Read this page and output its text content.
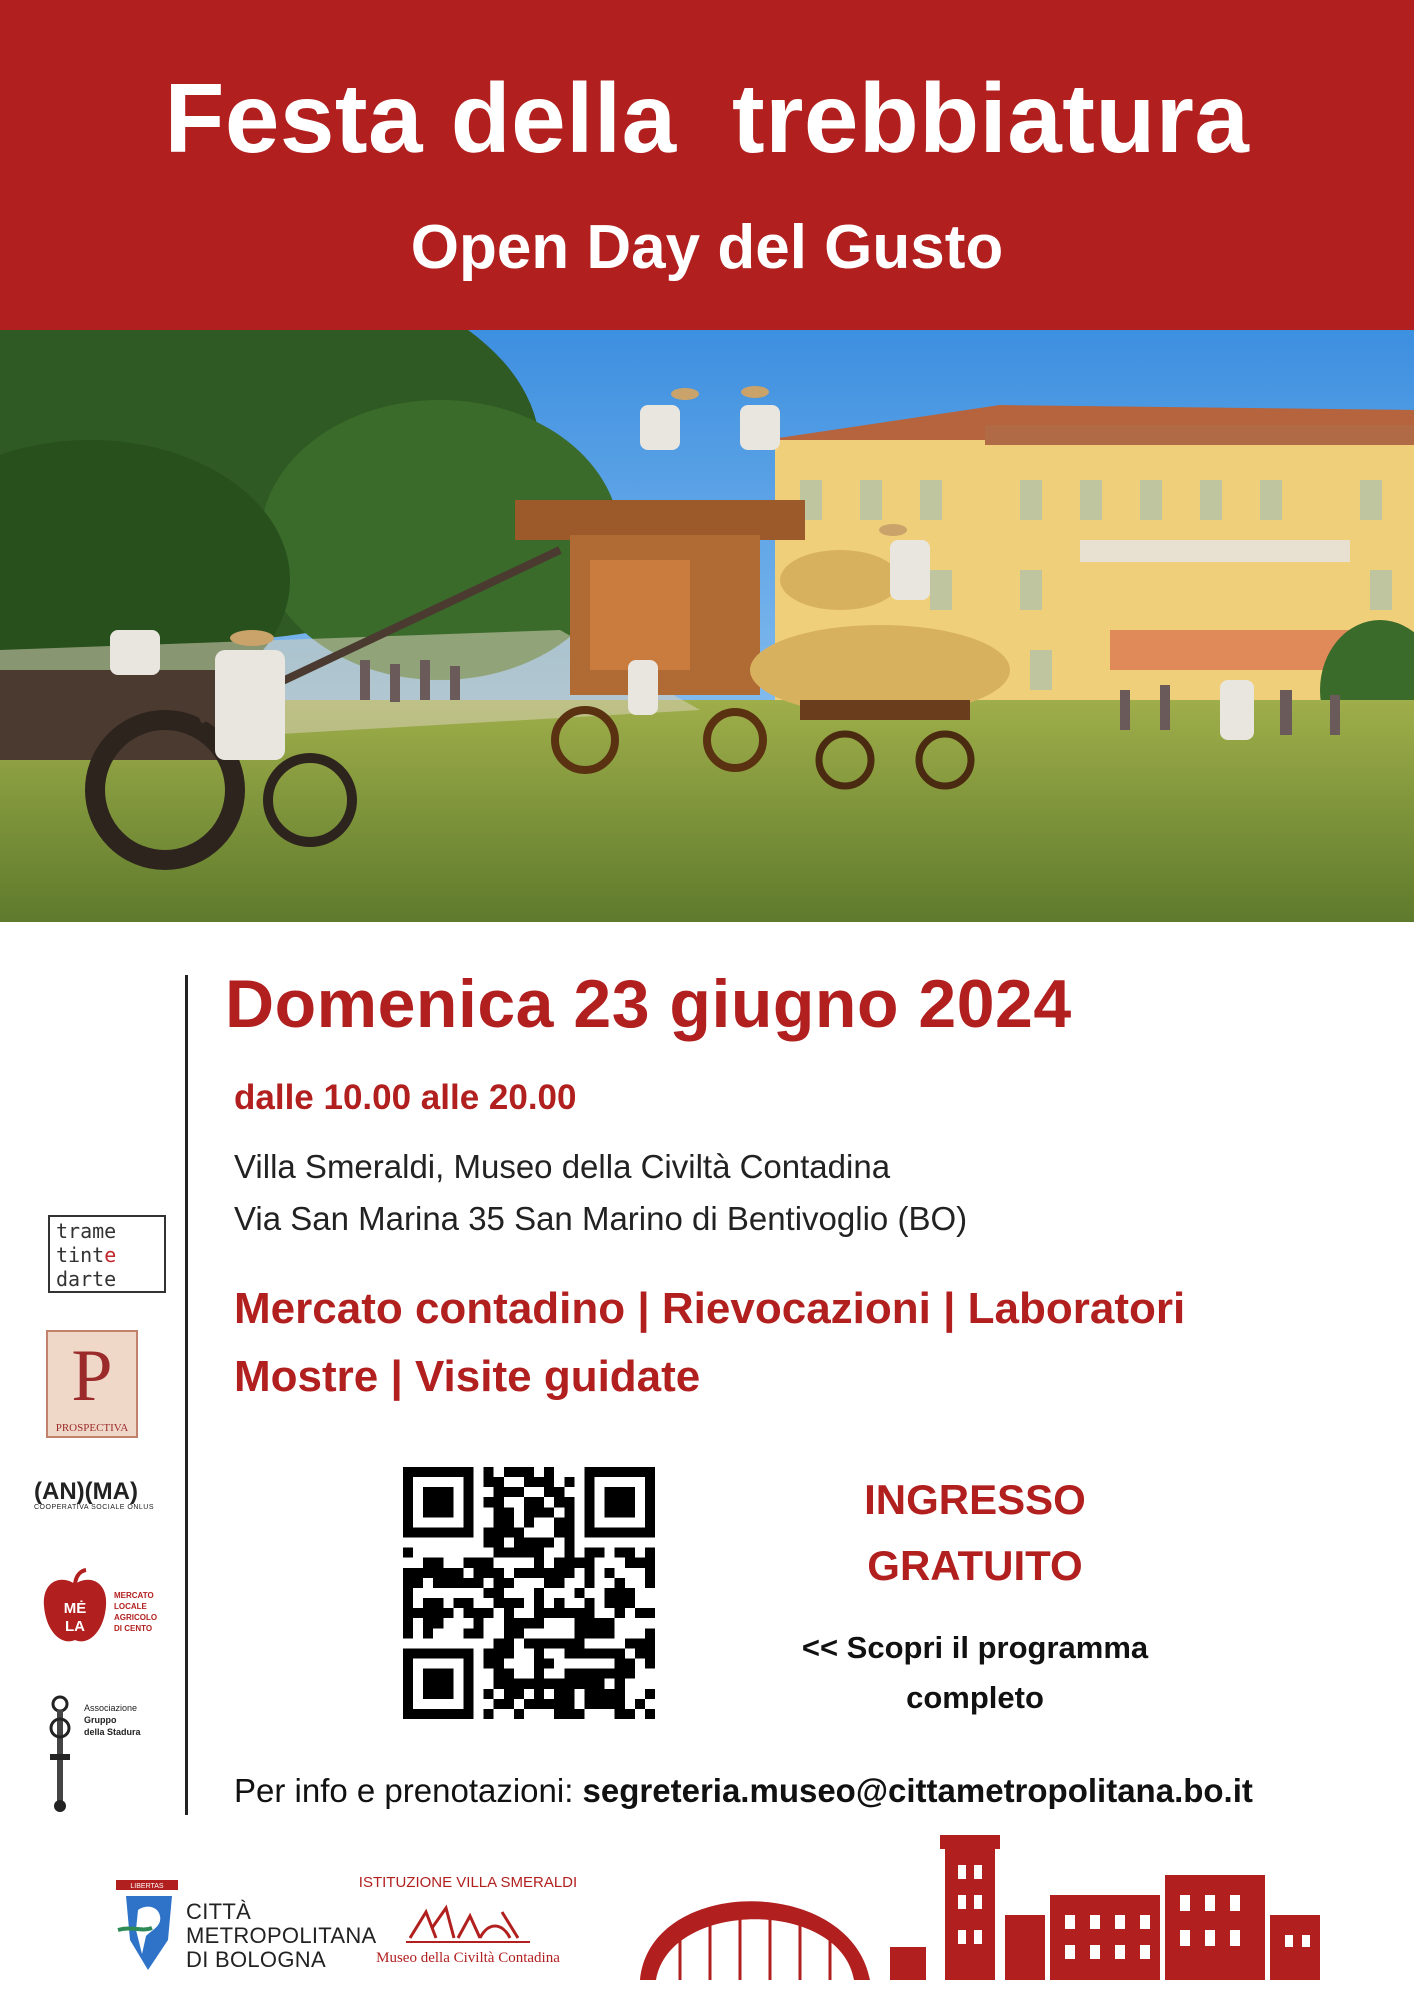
Festa della  trebbiatura
Open Day del Gusto
trame
tinte
darte
P
PROSPECTIVA
(AN)(MA)
COOPERATIVA SOCIALE ONLUS
MĖ
LA
MERCATO
LOCALE
AGRICOLO
DI CENTO
Associazione
Gruppo
della Stadura
Domenica 23 giugno 2024
dalle 10.00 alle 20.00
Villa Smeraldi, Museo della Civiltà Contadina
Via San Marina 35 San Marino di Bentivoglio (BO)
Mercato contadino | Rievocazioni | Laboratori
Mostre | Visite guidate
INGRESSO
GRATUITO
<< Scopri il programma
completo
Per info e prenotazioni: segreteria.museo@cittametropolitana.bo.it
LIBERTAS
CITTÀ
METROPOLITANA
DI BOLOGNA
ISTITUZIONE VILLA SMERALDI
Museo della Civiltà Contadina
